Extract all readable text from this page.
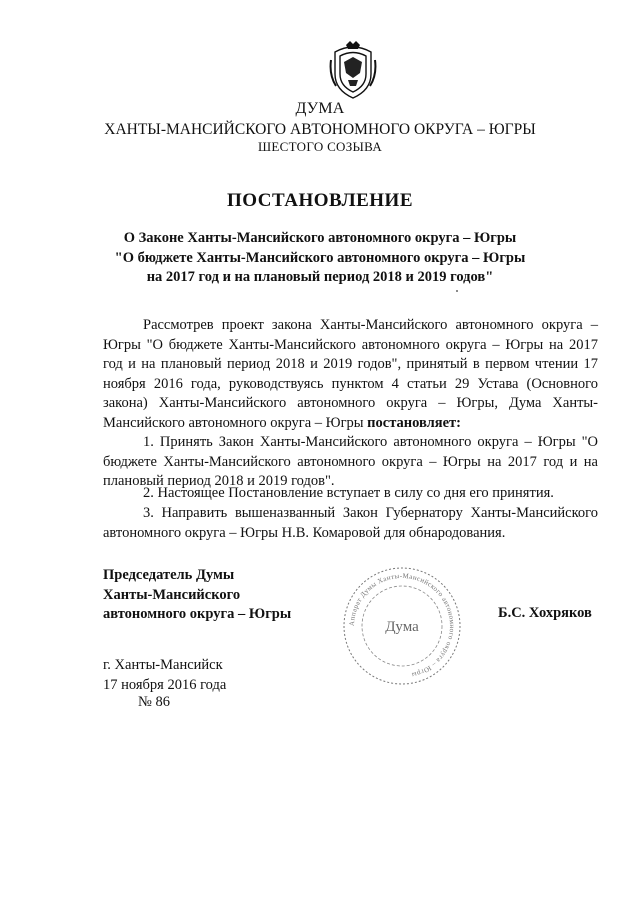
ДУМА
ХАНТЫ-МАНСИЙСКОГО АВТОНОМНОГО ОКРУГА – ЮГРЫ
ШЕСТОГО СОЗЫВА
ПОСТАНОВЛЕНИЕ
О Законе Ханты-Мансийского автономного округа – Югры
"О бюджете Ханты-Мансийского автономного округа – Югры
на 2017 год и на плановый период 2018 и 2019 годов"
Рассмотрев проект закона Ханты-Мансийского автономного округа – Югры "О бюджете Ханты-Мансийского автономного округа – Югры на 2017 год и на плановый период 2018 и 2019 годов", принятый в первом чтении 17 ноября 2016 года, руководствуясь пунктом 4 статьи 29 Устава (Основного закона) Ханты-Мансийского автономного округа – Югры, Дума Ханты-Мансийского автономного округа – Югры постановляет:
1. Принять Закон Ханты-Мансийского автономного округа – Югры "О бюджете Ханты-Мансийского автономного округа – Югры на 2017 год и на плановый период 2018 и 2019 годов".
2. Настоящее Постановление вступает в силу со дня его принятия.
3. Направить вышеназванный Закон Губернатору Ханты-Мансийского автономного округа – Югры Н.В. Комаровой для обнародования.
Председатель Думы
Ханты-Мансийского
автономного округа – Югры
Аппарат Думы Ханты-Мансийского автономного округа – Югры
Дума
Б.С. Хохряков
г. Ханты-Мансийск
17 ноября 2016 года
№ 86
